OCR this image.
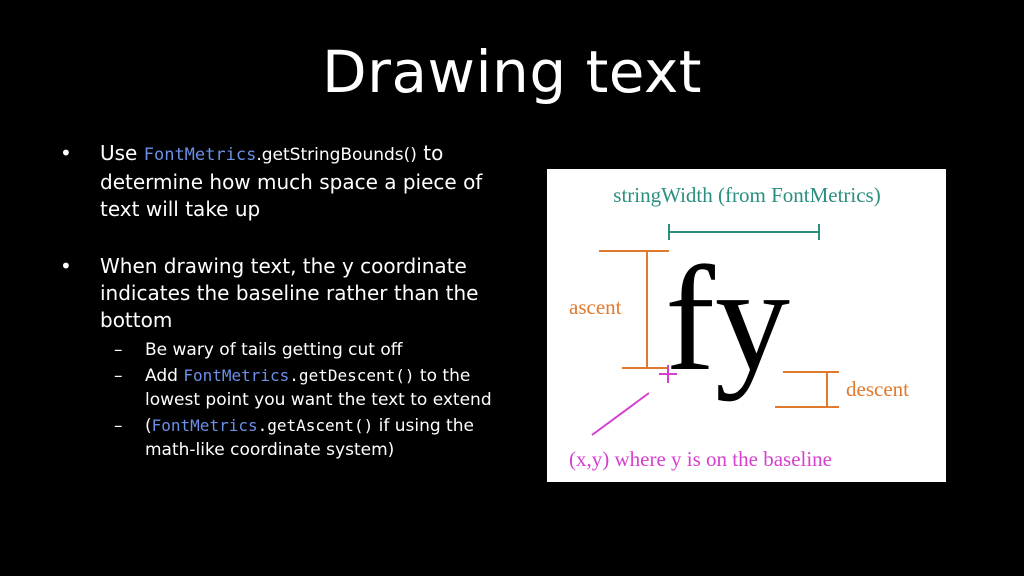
Drawing text
• Use FontMetrics.getStringBounds() to determine how much space a piece of text will take up
• When drawing text, the y coordinate indicates the baseline rather than the bottom
– Be wary of tails getting cut off
– Add FontMetrics.getDescent() to the lowest point you want the text to extend
– (FontMetrics.getAscent() if using the math-like coordinate system)
stringWidth (from FontMetrics)
fy
ascent
descent
(x,y) where y is on the baseline
